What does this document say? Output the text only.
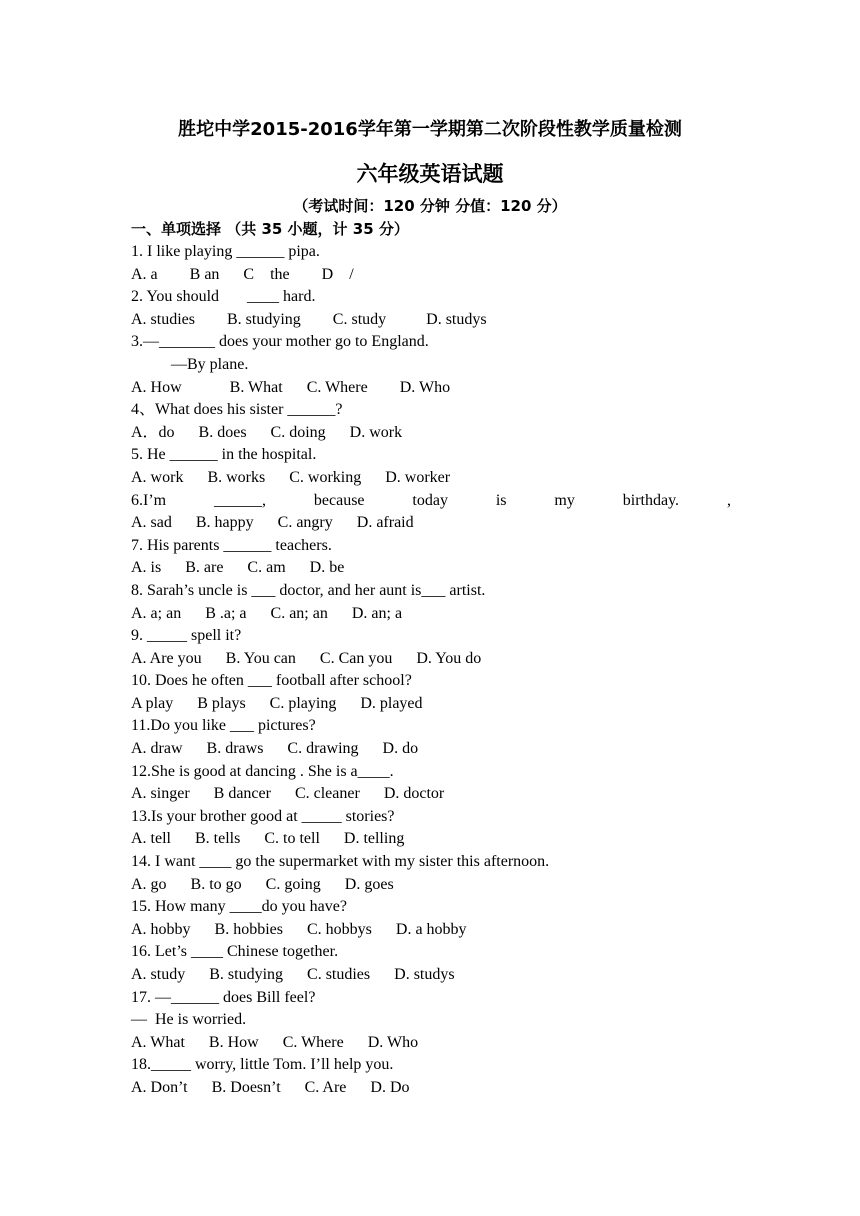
胜坨中学2015-2016学年第一学期第二次阶段性教学质量检测
六年级英语试题
（考试时间：120 分钟 分值：120 分）
一、单项选择 （共 35 小题，计 35 分）
1. I like playing ______ pipa.
A. a        B an      C    the        D    /
2. You should       ____ hard.
A. studies        B. studying        C. study          D. studys
3.—_______ does your mother go to England.
—By plane.
A. How            B. What      C. Where        D. Who
4、What does his sister ______?
A．do      B. does      C. doing      D. work
5. He ______ in the hospital.
A. work      B. works      C. working      D. worker
6.I’m	______,	because	today	is	my	birthday.	,
A. sad      B. happy      C. angry      D. afraid
7. His parents ______ teachers.
A. is      B. are      C. am      D. be
8. Sarah’s uncle is ___ doctor, and her aunt is___ artist.
A. a; an      B .a; a      C. an; an      D. an; a
9. _____ spell it?
A. Are you      B. You can      C. Can you      D. You do
10. Does he often ___ football after school?
A play      B plays      C. playing      D. played
11.Do you like ___ pictures?
A. draw      B. draws      C. drawing      D. do
12.She is good at dancing . She is a____.
A. singer      B dancer      C. cleaner      D. doctor
13.Is your brother good at _____ stories?
A. tell      B. tells      C. to tell      D. telling
14. I want ____ go the supermarket with my sister this afternoon.
A. go      B. to go      C. going      D. goes
15. How many ____do you have?
A. hobby      B. hobbies      C. hobbys      D. a hobby
16. Let’s ____ Chinese together.
A. study      B. studying      C. studies      D. studys
17. —______ does Bill feel?
—  He is worried.
A. What      B. How      C. Where      D. Who
18._____ worry, little Tom. I’ll help you.
A. Don’t      B. Doesn’t      C. Are      D. Do
